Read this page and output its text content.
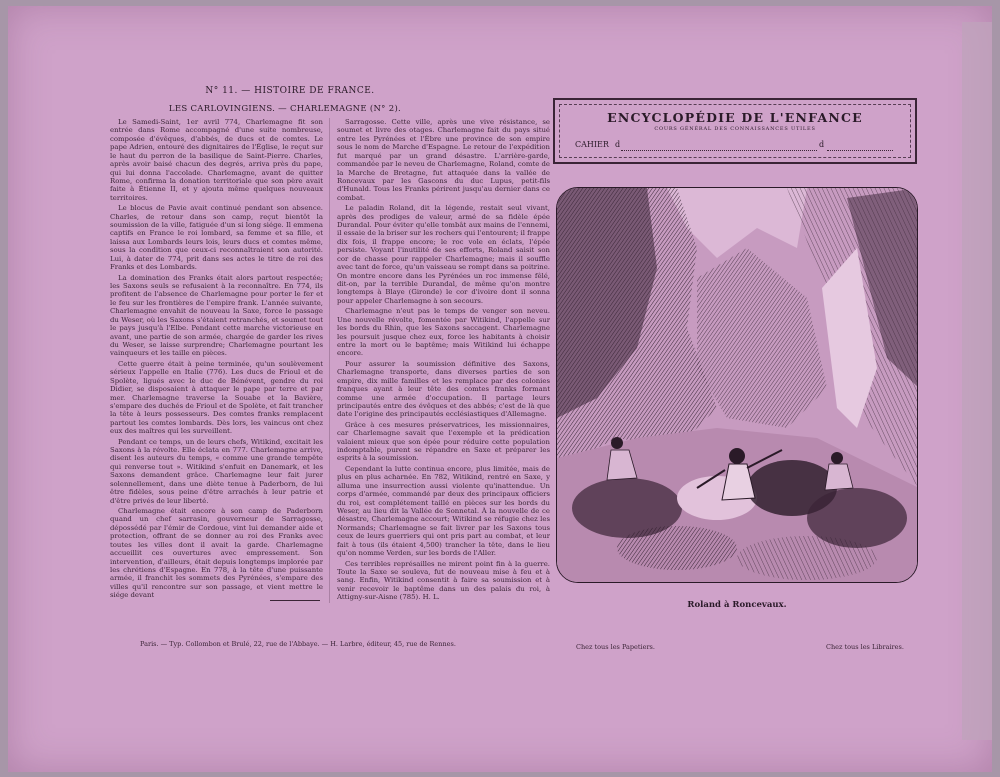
N° 11. — HISTOIRE DE FRANCE.
LES CARLOVINGIENS. — CHARLEMAGNE (N° 2).

Le Samedi-Saint, 1er avril 774, Charlemagne fit son entrée dans Rome accompagné d'une suite nombreuse, composée d'évêques, d'abbés, de ducs et de comtes. Le pape Adrien, entouré des dignitaires de l'Église, le reçut sur le haut du perron de la basilique de Saint-Pierre. Charles, après avoir baisé chacun des degrés, arriva près du pape, qui lui donna l'accolade. Charlemagne, avant de quitter Rome, confirma la donation territoriale que son père avait faite à Étienne II, et y ajouta même quelques nouveaux territoires.

Le blocus de Pavie avait continué pendant son absence. Charles, de retour dans son camp, reçut bientôt la soumission de la ville, fatiguée d'un si long siége. Il emmena captifs en France le roi lombard, sa femme et sa fille, et laissa aux Lombards leurs lois, leurs ducs et comtes même, sous la condition que ceux-ci reconnaîtraient son autorité. Lui, à dater de 774, prit dans ses actes le titre de roi des Franks et des Lombards.

La domination des Franks était alors partout respectée; les Saxons seuls se refusaient à la reconnaître. En 774, ils profitent de l'absence de Charlemagne pour porter le fer et le feu sur les frontières de l'empire frank. L'année suivante, Charlemagne envahit de nouveau la Saxe, force le passage du Weser, où les Saxons s'étaient retranchés, et soumet tout le pays jusqu'à l'Elbe. Pendant cette marche victorieuse en avant, une partie de son armée, chargée de garder les rives du Weser, se laisse surprendre; Charlemagne pourtant les vainqueurs et les taille en pièces.

Cette guerre était à peine terminée, qu'un soulèvement sérieux l'appelle en Italie (776). Les ducs de Frioul et de Spolète, ligués avec le duc de Bénévent, gendre du roi Didier, se disposaient à attaquer le pape par terre et par mer. Charlemagne traverse la Souabe et la Bavière, s'empare des duchés de Frioul et de Spolète, et fait trancher la tête à leurs possesseurs. Des comtes franks remplacent partout les comtes lombards. Dès lors, les vaincus ont chez eux des maîtres qui les surveillent.

Pendant ce temps, un de leurs chefs, Witikind, excitait les Saxons à la révolte. Elle éclata en 777. Charlemagne arrive, disent les auteurs du temps, « comme une grande tempête qui renverse tout ». Witikind s'enfuit en Danemark, et les Saxons demandent grâce. Charlemagne leur fait jurer solennellement, dans une diète tenue à Paderborn, de lui être fidèles, sous peine d'être arrachés à leur patrie et d'être privés de leur liberté.

Charlemagne était encore à son camp de Paderborn quand un chef sarrasin, gouverneur de Sarragosse, dépossédé par l'émir de Cordoue, vint lui demander aide et protection, offrant de se donner au roi des Franks avec toutes les villes dont il avait la garde. Charlemagne accueillit ces ouvertures avec empressement. Son intervention, d'ailleurs, était depuis longtemps implorée par les chrétiens d'Espagne. En 778, à la tête d'une puissante armée, il franchit les sommets des Pyrénées, s'empare des villes qu'il rencontre sur son passage, et vient mettre le siége devant

Sarragosse. Cette ville, après une vive résistance, se soumet et livre des otages. Charlemagne fait du pays situé entre les Pyrénées et l'Èbre une province de son empire sous le nom de Marche d'Espagne. Le retour de l'expédition fut marqué par un grand désastre. L'arrière-garde, commandée par le neveu de Charlemagne, Roland, comte de la Marche de Bretagne, fut attaquée dans la vallée de Roncevaux par les Gascons du duc Lupus, petit-fils d'Hunald. Tous les Franks périrent jusqu'au dernier dans ce combat.

Le paladin Roland, dit la légende, restait seul vivant, après des prodiges de valeur, armé de sa fidèle épée Durandal. Pour éviter qu'elle tombât aux mains de l'ennemi, il essaie de la briser sur les rochers qui l'entourent; il frappe dix fois, il frappe encore; le roc vole en éclats, l'épée persiste. Voyant l'inutilité de ses efforts, Roland saisit son cor de chasse pour rappeler Charlemagne; mais il souffle avec tant de force, qu'un vaisseau se rompt dans sa poitrine. On montre encore dans les Pyrénées un roc immense fêlé, dit-on, par la terrible Durandal, de même qu'on montre longtemps à Blaye (Gironde) le cor d'ivoire dont il sonna pour appeler Charlemagne à son secours.

Charlemagne n'eut pas le temps de venger son neveu. Une nouvelle révolte, fomentée par Witikind, l'appelle sur les bords du Rhin, que les Saxons saccagent. Charlemagne les poursuit jusque chez eux, force les habitants à choisir entre la mort ou le baptême; mais Witikind lui échappe encore.

Pour assurer la soumission définitive des Saxons, Charlemagne transporte, dans diverses parties de son empire, dix mille familles et les remplace par des colonies franques ayant à leur tête des comtes franks formant comme une armée d'occupation. Il partage leurs principautés entre des évêques et des abbés; c'est de là que date l'origine des principautés ecclésiastiques d'Allemagne.

Grâce à ces mesures préservatrices, les missionnaires, car Charlemagne savait que l'exemple et la prédication valaient mieux que son épée pour réduire cette population indomptable, purent se répandre en Saxe et préparer les esprits à la soumission.

Cependant la lutte continua encore, plus limitée, mais de plus en plus acharnée. En 782, Witikind, rentré en Saxe, y alluma une insurrection aussi violente qu'inattendue. Un corps d'armée, commandé par deux des principaux officiers du roi, est complétement taillé en pièces sur les bords du Weser, au lieu dit la Vallée de Sonnetal. À la nouvelle de ce désastre, Charlemagne accourt; Witikind se réfugie chez les Normands; Charlemagne se fait livrer par les Saxons tous ceux de leurs guerriers qui ont pris part au combat, et leur fait à tous (ils étaient 4,500) trancher la tête, dans le lieu qu'on nomme Verden, sur les bords de l'Aller.

Ces terribles représailles ne mirent point fin à la guerre. Toute la Saxe se souleva, fut de nouveau mise à feu et à sang. Enfin, Witikind consentit à faire sa soumission et à venir recevoir le baptême dans un des palais du roi, à Attigny-sur-Aisne (785). H. L.

Paris. — Typ. Collombon et Brulé, 22, rue de l'Abbaye. — H. Larbre, éditeur, 45, rue de Rennes.
ENCYCLOPÉDIE DE L'ENFANCE
COURS GÉNÉRAL DES CONNAISSANCES UTILES
CAHIER d	d
Roland à Roncevaux.
Chez tous les Papetiers.	Chez tous les Libraires.
